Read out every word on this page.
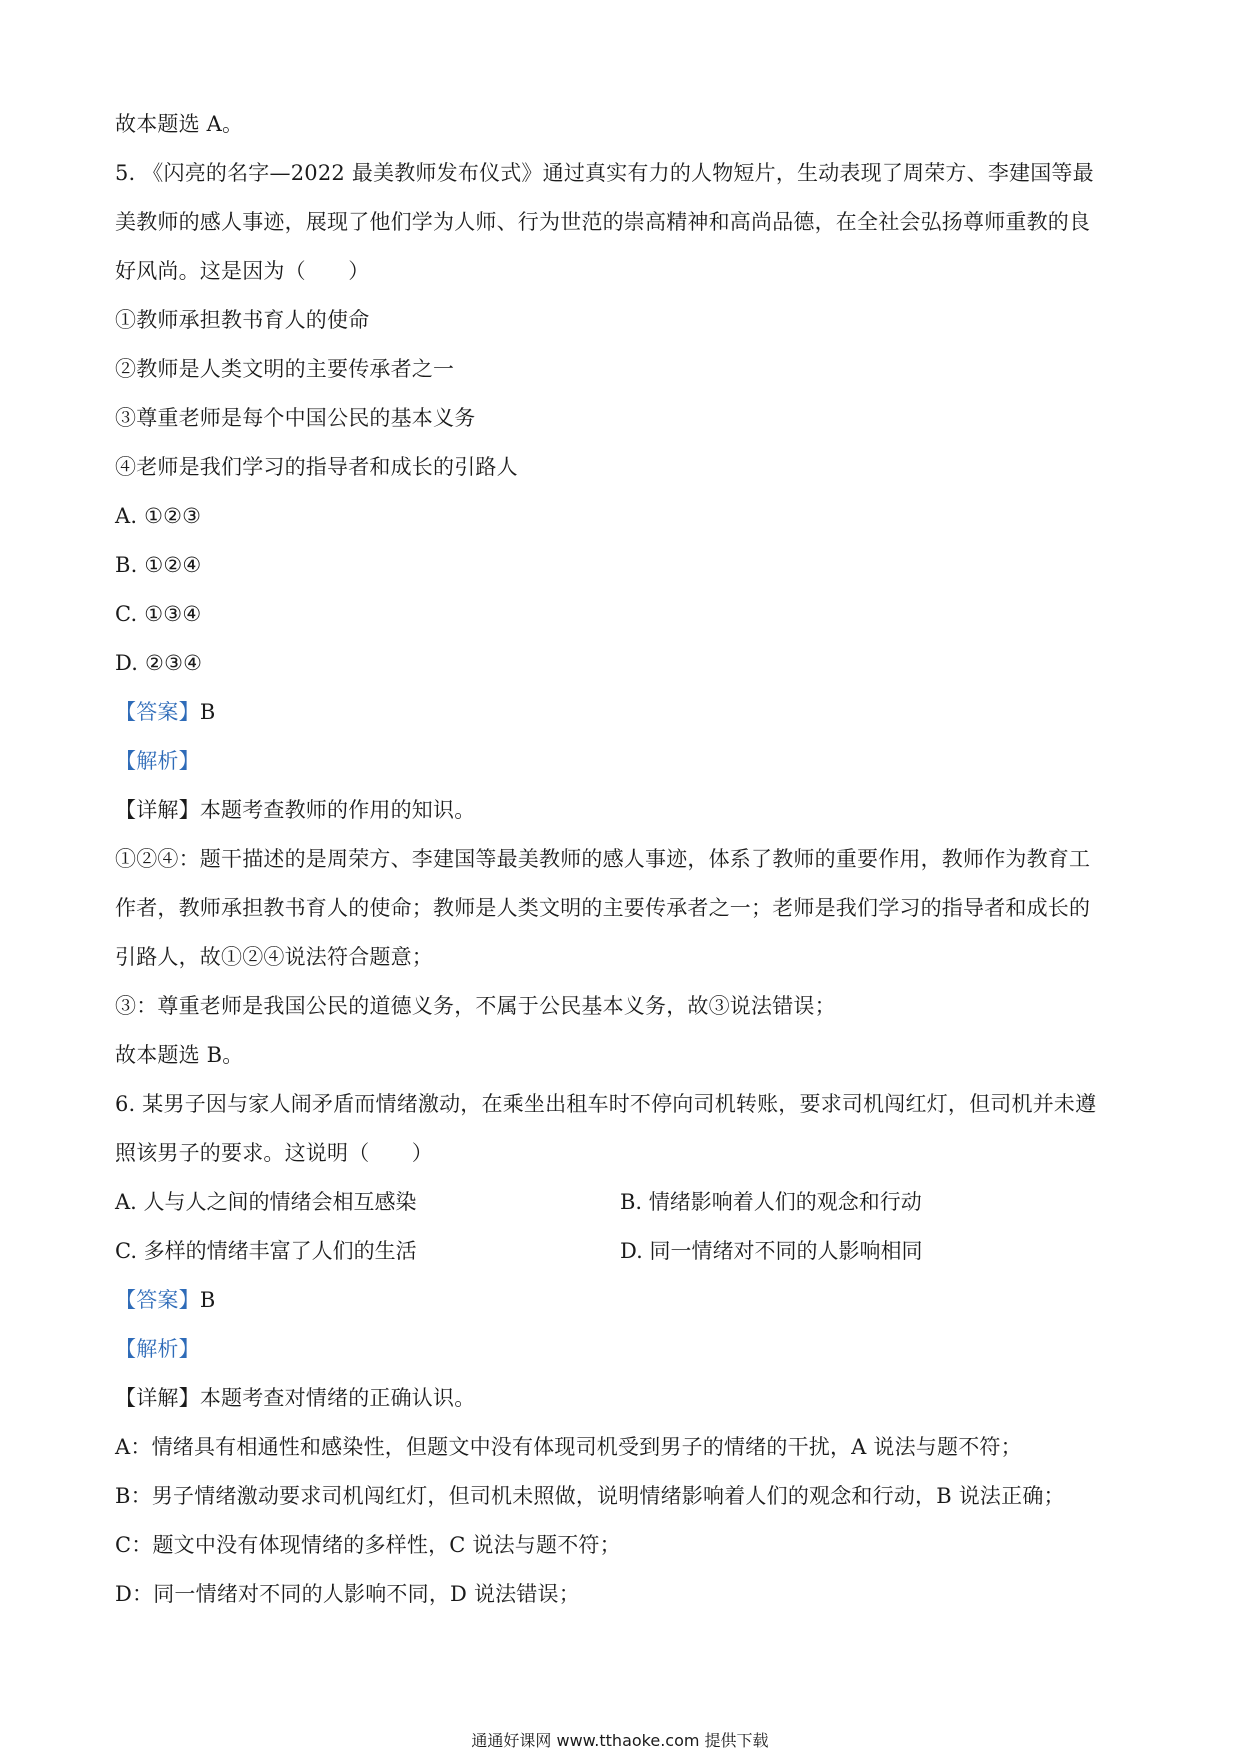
故本题选 A。
5. 《闪亮的名字—2022 最美教师发布仪式》通过真实有力的人物短片，生动表现了周荣方、李建国等最
美教师的感人事迹，展现了他们学为人师、行为世范的崇高精神和高尚品德，在全社会弘扬尊师重教的良
好风尚。这是因为（　　）
①教师承担教书育人的使命
②教师是人类文明的主要传承者之一
③尊重老师是每个中国公民的基本义务
④老师是我们学习的指导者和成长的引路人
A. ①②③
B. ①②④
C. ①③④
D. ②③④
【答案】B
【解析】
【详解】本题考查教师的作用的知识。
①②④：题干描述的是周荣方、李建国等最美教师的感人事迹，体系了教师的重要作用，教师作为教育工
作者，教师承担教书育人的使命；教师是人类文明的主要传承者之一；老师是我们学习的指导者和成长的
引路人，故①②④说法符合题意；
③：尊重老师是我国公民的道德义务，不属于公民基本义务，故③说法错误；
故本题选 B。
6. 某男子因与家人闹矛盾而情绪激动，在乘坐出租车时不停向司机转账，要求司机闯红灯，但司机并未遵
照该男子的要求。这说明（　　）
A. 人与人之间的情绪会相互感染	B. 情绪影响着人们的观念和行动
C. 多样的情绪丰富了人们的生活	D. 同一情绪对不同的人影响相同
【答案】B
【解析】
【详解】本题考查对情绪的正确认识。
A：情绪具有相通性和感染性，但题文中没有体现司机受到男子的情绪的干扰，A 说法与题不符；
B：男子情绪激动要求司机闯红灯，但司机未照做，说明情绪影响着人们的观念和行动，B 说法正确；
C：题文中没有体现情绪的多样性，C 说法与题不符；
D：同一情绪对不同的人影响不同，D 说法错误；
通通好课网 www.tthaoke.com 提供下载
